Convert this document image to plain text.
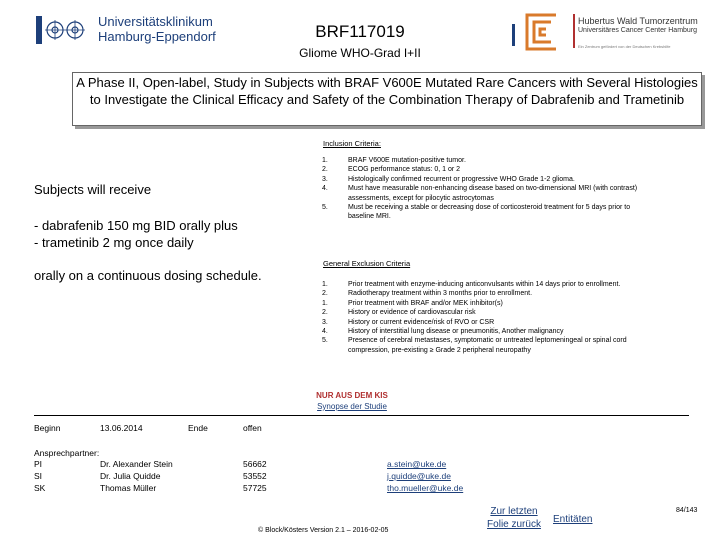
Universitätsklinikum
Hamburg-Eppendorf	BRF117019
Gliome WHO-Grad I+II
Hubertus Wald Tumorzentrum
Universitäres Cancer Center Hamburg
Ein Zentrum gefördert von der Deutschen Krebshilfe
A Phase II, Open-label, Study in Subjects with BRAF V600E Mutated Rare Cancers with Several Histologies to Investigate the Clinical Efficacy and Safety of the Combination Therapy of Dabrafenib and Trametinib
Subjects will receive
- dabrafenib 150 mg BID orally plus
- trametinib 2 mg once daily
orally on a continuous dosing schedule.
Inclusion Criteria:
1.	BRAF V600E mutation-positive tumor.
2.	ECOG performance status: 0, 1 or 2
3.	Histologically confirmed recurrent or progressive WHO Grade 1-2 glioma.
4.	Must have measurable non-enhancing disease based on two-dimensional MRI (with contrast) assessments, except for pilocytic astrocytomas
5.	Must be receiving a stable or decreasing dose of corticosteroid treatment for 5 days prior to baseline MRI.
General Exclusion Criteria
1.	Prior treatment with enzyme-inducing anticonvulsants within 14 days prior to enrollment.
2.	Radiotherapy treatment within 3 months prior to enrollment.
1.	Prior treatment with BRAF and/or MEK inhibitor(s)
2.	History or evidence of cardiovascular risk
3.	History or current evidence/risk of RVO or CSR
4.	History of interstitial lung disease or pneumonitis, Another malignancy
5.	Presence of cerebral metastases, symptomatic or untreated leptomeningeal or spinal cord compression, pre-existing ≥ Grade 2 peripheral neuropathy
NUR AUS DEM KIS
Synopse der Studie
Beginn	13.06.2014	Ende	offen
Ansprechpartner:
PI	Dr. Alexander Stein	56662	a.stein@uke.de
SI	Dr. Julia Quidde	53552	j.quidde@uke.de
SK	Thomas Müller	57725	tho.mueller@uke.de
Zur letzten
Folie zurück	Entitäten
84/143
© Block/Kösters Version 2.1 – 2016-02-05
